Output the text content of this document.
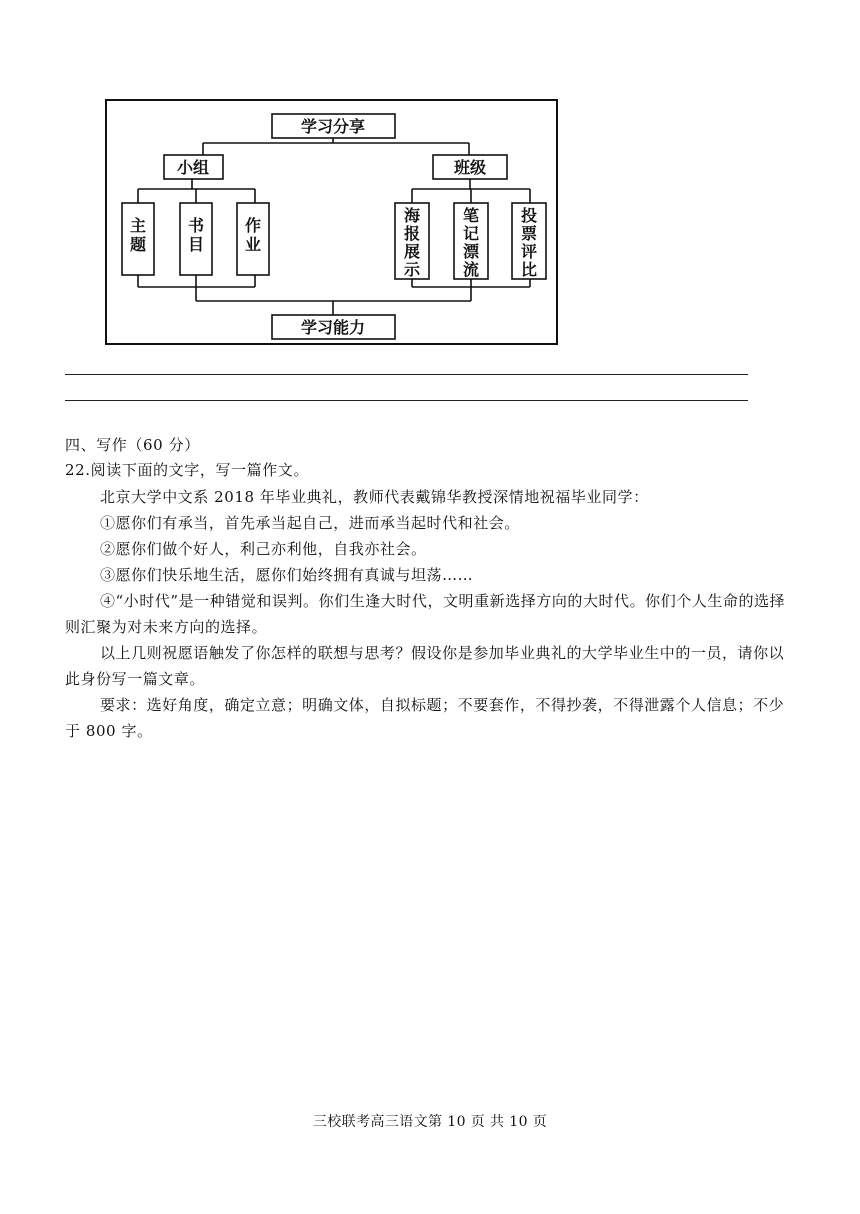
学习分享
小组	班级
学习能力
主题
书目
作业
海报展示
笔记漂流
投票评比
四、写作（60 分）
22.阅读下面的文字，写一篇作文。
北京大学中文系 2018 年毕业典礼，教师代表戴锦华教授深情地祝福毕业同学：
①愿你们有承当，首先承当起自己，进而承当起时代和社会。
②愿你们做个好人，利己亦利他，自我亦社会。
③愿你们快乐地生活，愿你们始终拥有真诚与坦荡……
④“小时代”是一种错觉和误判。你们生逢大时代，文明重新选择方向的大时代。你们个人生命的选择则汇聚为对未来方向的选择。
以上几则祝愿语触发了你怎样的联想与思考？假设你是参加毕业典礼的大学毕业生中的一员，请你以此身份写一篇文章。
要求：选好角度，确定立意；明确文体，自拟标题；不要套作，不得抄袭，不得泄露个人信息；不少于 800 字。
三校联考高三语文第 10 页 共 10 页
